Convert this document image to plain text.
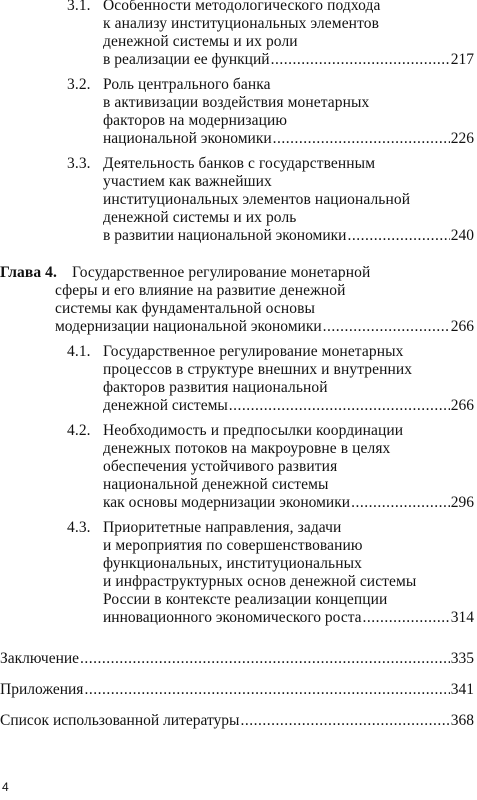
3.1. Особенности методологического подхода
к анализу институциональных элементов
денежной системы и их роли
в реализации ее функций .....	217
3.2. Роль центрального банка
в активизации воздействия монетарных
факторов на модернизацию
национальной экономики .....	226
3.3. Деятельность банков с государственным
участием как важнейших
институциональных элементов национальной
денежной системы и их роль
в развитии национальной экономики .....	240
Глава 4. Государственное регулирование монетарной
сферы и его влияние на развитие денежной
системы как фундаментальной основы
модернизации национальной экономики .....	266
4.1. Государственное регулирование монетарных
процессов в структуре внешних и внутренних
факторов развития национальной
денежной системы .....	266
4.2. Необходимость и предпосылки координации
денежных потоков на макроуровне в целях
обеспечения устойчивого развития
национальной денежной системы
как основы модернизации экономики .....	296
4.3. Приоритетные направления, задачи
и мероприятия по совершенствованию
функциональных, институциональных
и инфраструктурных основ денежной системы
России в контексте реализации концепции
инновационного экономического роста .....	314
Заключение .....	335
Приложения .....	341
Список использованной литературы .....	368
4
